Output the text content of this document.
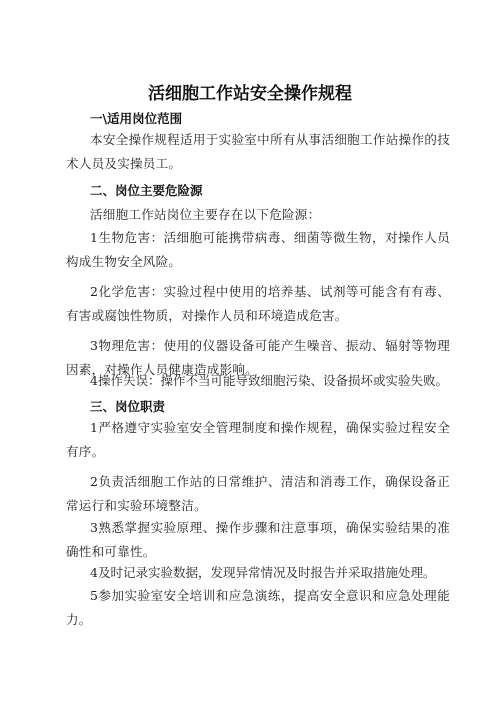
活细胞工作站安全操作规程
一\适用岗位范围
本安全操作规程适用于实验室中所有从事活细胞工作站操作的技术人员及实操员工。
二、岗位主要危险源
活细胞工作站岗位主要存在以下危险源：
1生物危害：活细胞可能携带病毒、细菌等微生物，对操作人员构成生物安全风险。
2化学危害：实验过程中使用的培养基、试剂等可能含有有毒、有害或腐蚀性物质，对操作人员和环境造成危害。
3物理危害：使用的仪器设备可能产生噪音、振动、辐射等物理因素，对操作人员健康造成影响。
4操作失误：操作不当可能导致细胞污染、设备损坏或实验失败。
三、岗位职责
1严格遵守实验室安全管理制度和操作规程，确保实验过程安全有序。
2负责活细胞工作站的日常维护、清洁和消毒工作，确保设备正常运行和实验环境整洁。
3熟悉掌握实验原理、操作步骤和注意事项，确保实验结果的准确性和可靠性。
4及时记录实验数据，发现异常情况及时报告并采取措施处理。
5参加实验室安全培训和应急演练，提高安全意识和应急处理能力。
